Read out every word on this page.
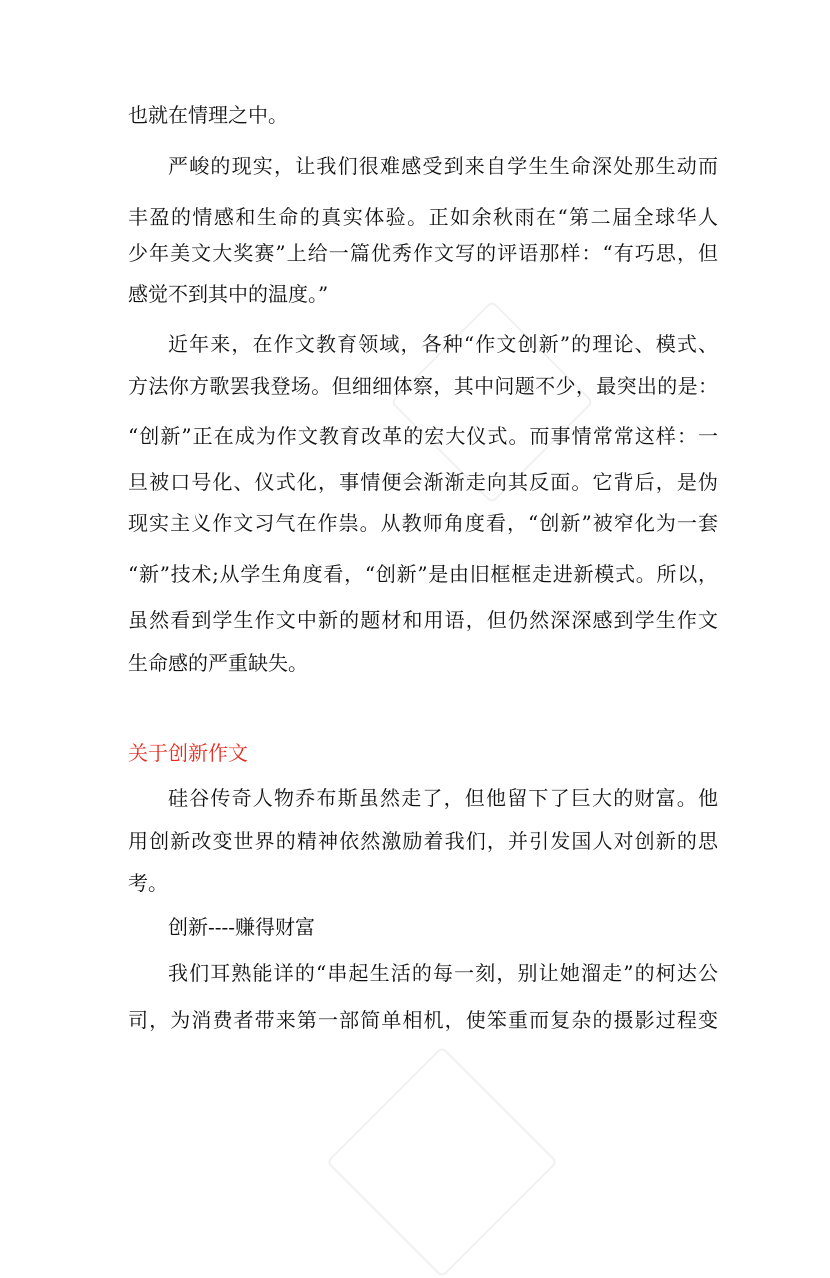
也就在情理之中。
严峻的现实，让我们很难感受到来自学生生命深处那生动而
丰盈的情感和生命的真实体验。正如余秋雨在“第二届全球华人
少年美文大奖赛”上给一篇优秀作文写的评语那样：“有巧思，但
感觉不到其中的温度。”
近年来，在作文教育领域，各种“作文创新”的理论、模式、
方法你方歌罢我登场。但细细体察，其中问题不少，最突出的是：
“创新”正在成为作文教育改革的宏大仪式。而事情常常这样：一
旦被口号化、仪式化，事情便会渐渐走向其反面。它背后，是伪
现实主义作文习气在作祟。从教师角度看，“创新”被窄化为一套
“新”技术;从学生角度看，“创新”是由旧框框走进新模式。所以，
虽然看到学生作文中新的题材和用语，但仍然深深感到学生作文
生命感的严重缺失。
关于创新作文
硅谷传奇人物乔布斯虽然走了，但他留下了巨大的财富。他
用创新改变世界的精神依然激励着我们，并引发国人对创新的思
考。
创新----赚得财富
我们耳熟能详的“串起生活的每一刻，别让她溜走”的柯达公
司，为消费者带来第一部简单相机，使笨重而复杂的摄影过程变
